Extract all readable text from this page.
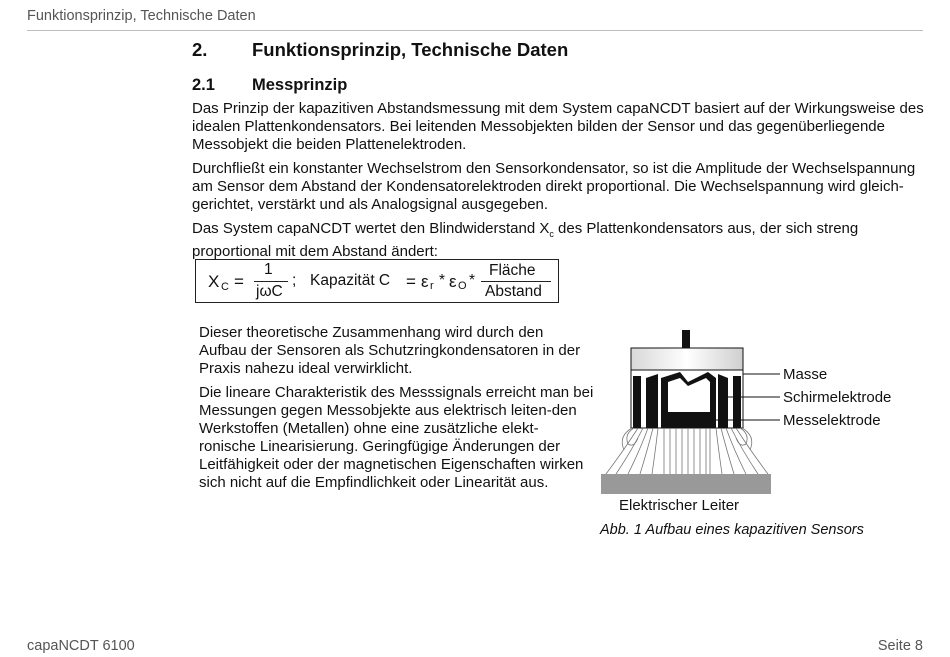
Funktionsprinzip, Technische Daten
2. Funktionsprinzip, Technische Daten
2.1 Messprinzip

Das Prinzip der kapazitiven Abstandsmessung mit dem System capaNCDT basiert auf der Wirkungsweise des idealen Plattenkondensators. Bei leitenden Messobjekten bilden der Sensor und das gegenüberliegende Messobjekt die beiden Plattenelektroden.

Durchfließt ein konstanter Wechselstrom den Sensorkondensator, so ist die Amplitude der Wechselspannung am Sensor dem Abstand der Kondensatorelektroden direkt proportional. Die Wechselspannung wird gleich-gerichtet, verstärkt und als Analogsignal ausgegeben.

Das System capaNCDT wertet den Blindwiderstand $X_c$ des Plattenkondensators aus, der sich streng proportional mit dem Abstand ändert:

X C =
1
jωC
; Kapazität C = ε r * ε O *
Fläche
Abstand

Dieser theoretische Zusammenhang wird durch den Aufbau der Sensoren als Schutzringkondensatoren in der Praxis nahezu ideal verwirklicht.

Die lineare Charakteristik des Messsignals erreicht man bei Messungen gegen Messobjekte aus elektrisch leiten-den Werkstoffen (Metallen) ohne eine zusätzliche elekt-ronische Linearisierung. Geringfügige Änderungen der Leitfähigkeit oder der magnetischen Eigenschaften wirken sich nicht auf die Empfindlichkeit oder Linearität aus.

Masse
Schirmelektrode
Messelektrode
Elektrischer Leiter
Abb. 1 Aufbau eines kapazitiven Sensors
capaNCDT 6100	Seite 8
